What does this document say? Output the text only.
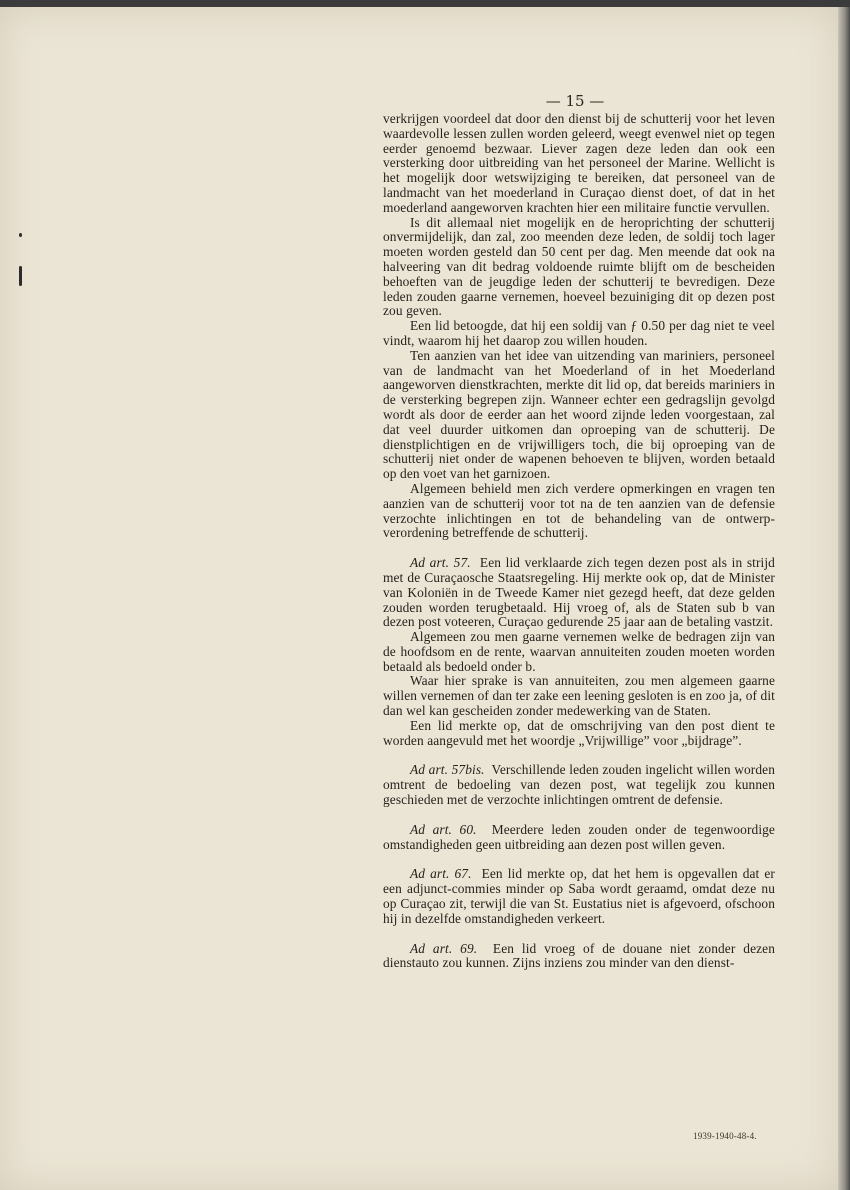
— 15 —

verkrijgen voordeel dat door den dienst bij de schutterij voor het leven waardevolle lessen zullen worden geleerd, weegt evenwel niet op tegen eerder genoemd bezwaar. Liever zagen deze leden dan ook een versterking door uitbreiding van het personeel der Marine. Wellicht is het mogelijk door wetswijziging te bereiken, dat personeel van de landmacht van het moederland in Curaçao dienst doet, of dat in het moederland aangeworven krachten hier een militaire functie vervullen.

Is dit allemaal niet mogelijk en de heroprichting der schutterij onvermijdelijk, dan zal, zoo meenden deze leden, de soldij toch lager moeten worden gesteld dan 50 cent per dag. Men meende dat ook na halveering van dit bedrag voldoende ruimte blijft om de bescheiden behoeften van de jeugdige leden der schutterij te bevredigen. Deze leden zouden gaarne vernemen, hoeveel bezuiniging dit op dezen post zou geven.

Een lid betoogde, dat hij een soldij van ƒ 0.50 per dag niet te veel vindt, waarom hij het daarop zou willen houden.

Ten aanzien van het idee van uitzending van mariniers, personeel van de landmacht van het Moederland of in het Moederland aangeworven dienstkrachten, merkte dit lid op, dat bereids mariniers in de versterking begrepen zijn. Wanneer echter een gedragslijn gevolgd wordt als door de eerder aan het woord zijnde leden voorgestaan, zal dat veel duurder uitkomen dan oproeping van de schutterij. De dienstplichtigen en de vrijwilligers toch, die bij oproeping van de schutterij niet onder de wapenen behoeven te blijven, worden betaald op den voet van het garnizoen.

Algemeen behield men zich verdere opmerkingen en vragen ten aanzien van de schutterij voor tot na de ten aanzien van de defensie verzochte inlichtingen en tot de behandeling van de ontwerp-verordening betreffende de schutterij.

Ad art. 57. Een lid verklaarde zich tegen dezen post als in strijd met de Curaçaosche Staatsregeling. Hij merkte ook op, dat de Minister van Koloniën in de Tweede Kamer niet gezegd heeft, dat deze gelden zouden worden terugbetaald. Hij vroeg of, als de Staten sub b van dezen post voteeren, Curaçao gedurende 25 jaar aan de betaling vastzit.

Algemeen zou men gaarne vernemen welke de bedragen zijn van de hoofdsom en de rente, waarvan annuiteiten zouden moeten worden betaald als bedoeld onder b.

Waar hier sprake is van annuiteiten, zou men algemeen gaarne willen vernemen of dan ter zake een leening gesloten is en zoo ja, of dit dan wel kan gescheiden zonder medewerking van de Staten.

Een lid merkte op, dat de omschrijving van den post dient te worden aangevuld met het woordje „Vrijwillige” voor „bijdrage”.

Ad art. 57bis. Verschillende leden zouden ingelicht willen worden omtrent de bedoeling van dezen post, wat tegelijk zou kunnen geschieden met de verzochte inlichtingen omtrent de defensie.

Ad art. 60. Meerdere leden zouden onder de tegenwoordige omstandigheden geen uitbreiding aan dezen post willen geven.

Ad art. 67. Een lid merkte op, dat het hem is opgevallen dat er een adjunct-commies minder op Saba wordt geraamd, omdat deze nu op Curaçao zit, terwijl die van St. Eustatius niet is afgevoerd, ofschoon hij in dezelfde omstandigheden verkeert.

Ad art. 69. Een lid vroeg of de douane niet zonder dezen dienstauto zou kunnen. Zijns inziens zou minder van den dienst-

1939-1940-48-4.
